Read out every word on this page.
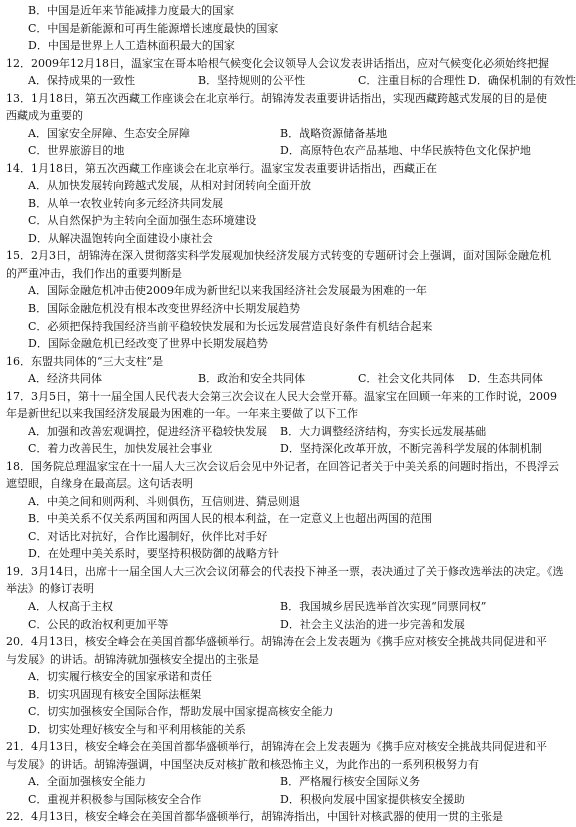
B．中国是近年来节能减排力度最大的国家
C．中国是新能源和可再生能源增长速度最快的国家
D．中国是世界上人工造林面积最大的国家
12．2009年12月18日，温家宝在哥本哈根气候变化会议领导人会议发表讲话指出，应对气候变化必须始终把握
A．保持成果的一致性	B．坚持规则的公平性	C．注重目标的合理性 D．确保机制的有效性
13．1月18日，第五次西藏工作座谈会在北京举行。胡锦涛发表重要讲话指出，实现西藏跨越式发展的目的是使
西藏成为重要的
A．国家安全屏障、生态安全屏障	B．战略资源储备基地
C．世界旅游目的地	D．高原特色农产品基地、中华民族特色文化保护地
14．1月18日，第五次西藏工作座谈会在北京举行。温家宝发表重要讲话指出，西藏正在
A．从加快发展转向跨越式发展，从相对封闭转向全面开放
B．从单一农牧业转向多元经济共同发展
C．从自然保护为主转向全面加强生态环境建设
D．从解决温饱转向全面建设小康社会
15．2月3日，胡锦涛在深入贯彻落实科学发展观加快经济发展方式转变的专题研讨会上强调，面对国际金融危机
的严重冲击，我们作出的重要判断是
A．国际金融危机冲击使2009年成为新世纪以来我国经济社会发展最为困难的一年
B．国际金融危机没有根本改变世界经济中长期发展趋势
C．必须把保持我国经济当前平稳较快发展和为长远发展营造良好条件有机结合起来
D．国际金融危机已经改变了世界中长期发展趋势
16．东盟共同体的“三大支柱”是
A．经济共同体	B．政治和安全共同体	C．社会文化共同体 D．生态共同体
17．3月5日，第十一届全国人民代表大会第三次会议在人民大会堂开幕。温家宝在回顾一年来的工作时说，2009
年是新世纪以来我国经济发展最为困难的一年。一年来主要做了以下工作
A．加强和改善宏观调控，促进经济平稳较快发展 B．大力调整经济结构，夯实长远发展基础
C．着力改善民生，加快发展社会事业	D．坚持深化改革开放，不断完善科学发展的体制机制
18．国务院总理温家宝在十一届人大三次会议后会见中外记者，在回答记者关于中美关系的问题时指出，不畏浮云
遮望眼，自缘身在最高层。这句话表明
A．中美之间和则两利、斗则俱伤，互信则进、猜忌则退
B．中美关系不仅关系两国和两国人民的根本利益，在一定意义上也超出两国的范围
C．对话比对抗好，合作比遏制好，伙伴比对手好
D．在处理中美关系时，要坚持积极防御的战略方针
19．3月14日，出席十一届全国人大三次会议闭幕会的代表投下神圣一票，表决通过了关于修改选举法的决定。《选
举法》的修订表明
A．人权高于主权	B．我国城乡居民选举首次实现“同票同权”
C．公民的政治权利更加平等	D．社会主义法治的进一步完善和发展
20．4月13日，核安全峰会在美国首都华盛顿举行。胡锦涛在会上发表题为《携手应对核安全挑战共同促进和平
与发展》的讲话。胡锦涛就加强核安全提出的主张是
A．切实履行核安全的国家承诺和责任
B．切实巩固现有核安全国际法框架
C．切实加强核安全国际合作，帮助发展中国家提高核安全能力
D．切实处理好核安全与和平利用核能的关系
21．4月13日，核安全峰会在美国首都华盛顿举行，胡锦涛在会上发表题为《携手应对核安全挑战共同促进和平
与发展》的讲话。胡锦涛强调，中国坚决反对核扩散和核恐怖主义，为此作出的一系列积极努力有
A．全面加强核安全能力	B．严格履行核安全国际义务
C．重视并积极参与国际核安全合作	D．积极向发展中国家提供核安全援助
22．4月13日，核安全峰会在美国首都华盛顿举行，胡锦涛指出，中国针对核武器的使用一贯的主张是
